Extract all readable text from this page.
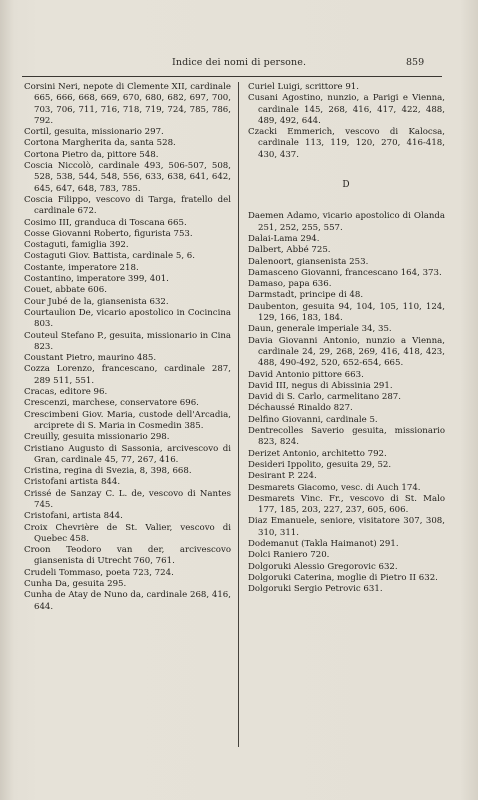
Indice dei nomi di persone.	859

Corsini Neri, nepote di Clemente XII, cardinale 665, 666, 668, 669, 670, 680, 682, 697, 700, 703, 706, 711, 716, 718, 719, 724, 785, 786, 792.

Cortil, gesuita, missionario 297.

Cortona Margherita da, santa 528.

Cortona Pietro da, pittore 548.

Coscia Niccolò, cardinale 493, 506-507, 508, 528, 538, 544, 548, 556, 633, 638, 641, 642, 645, 647, 648, 783, 785.

Coscia Filippo, vescovo di Targa, fratello del cardinale 672.

Cosimo III, granduca di Toscana 665.

Cosse Giovanni Roberto, figurista 753.

Costaguti, famiglia 392.

Costaguti Giov. Battista, cardinale 5, 6.

Costante, imperatore 218.

Costantino, imperatore 399, 401.

Couet, abbate 606.

Cour Jubé de la, giansenista 632.

Courtaulion De, vicario apostolico in Cocincina 803.

Couteul Stefano P., gesuita, missionario in Cina 823.

Coustant Pietro, maurino 485.

Cozza Lorenzo, francescano, cardinale 287, 289 511, 551.

Cracas, editore 96.

Crescenzi, marchese, conservatore 696.

Crescimbeni Giov. Maria, custode dell'Arcadia, arciprete di S. Maria in Cosmedin 385.

Creuilly, gesuita missionario 298.

Cristiano Augusto di Sassonia, arcivescovo di Gran, cardinale 45, 77, 267, 416.

Cristina, regina di Svezia, 8, 398, 668.

Cristofani artista 844.

Crissé de Sanzay C. L. de, vescovo di Nantes 745.

Cristofani, artista 844.

Croix Chevrière de St. Valier, vescovo di Quebec 458.

Croon Teodoro van der, arcivescovo giansenista di Utrecht 760, 761.

Crudeli Tommaso, poeta 723, 724.

Cunha Da, gesuita 295.

Cunha de Atay de Nuno da, cardinale 268, 416, 644.

Curiel Luigi, scrittore 91.

Cusani Agostino, nunzio, a Parigi e Vienna, cardinale 145, 268, 416, 417, 422, 488, 489, 492, 644.

Czacki Emmerich, vescovo di Kalocsa, cardinale 113, 119, 120, 270, 416-418, 430, 437.

D

Daemen Adamo, vicario apostolico di Olanda 251, 252, 255, 557.

Dalai-Lama 294.

Dalbert, Abbé 725.

Dalenoort, giansenista 253.

Damasceno Giovanni, francescano 164, 373.

Damaso, papa 636.

Darmstadt, principe di 48.

Daubenton, gesuita 94, 104, 105, 110, 124, 129, 166, 183, 184.

Daun, generale imperiale 34, 35.

Davia Giovanni Antonio, nunzio a Vienna, cardinale 24, 29, 268, 269, 416, 418, 423, 488, 490-492, 520, 652-654, 665.

David Antonio pittore 663.

David III, negus di Abissinia 291.

David di S. Carlo, carmelitano 287.

Déchaussé Rinaldo 827.

Delfino Giovanni, cardinale 5.

Dentrecolles Saverio gesuita, missionario 823, 824.

Derizet Antonio, architetto 792.

Desideri Ippolito, gesuita 29, 52.

Desirant P. 224.

Desmarets Giacomo, vesc. di Auch 174.

Desmarets Vinc. Fr., vescovo di St. Malo 177, 185, 203, 227, 237, 605, 606.

Diaz Emanuele, seniore, visitatore 307, 308, 310, 311.

Dodemanut (Takla Haimanot) 291.

Dolci Raniero 720.

Dolgoruki Alessio Gregorovic 632.

Dolgoruki Caterina, moglie di Pietro II 632.

Dolgoruki Sergio Petrovic 631.
